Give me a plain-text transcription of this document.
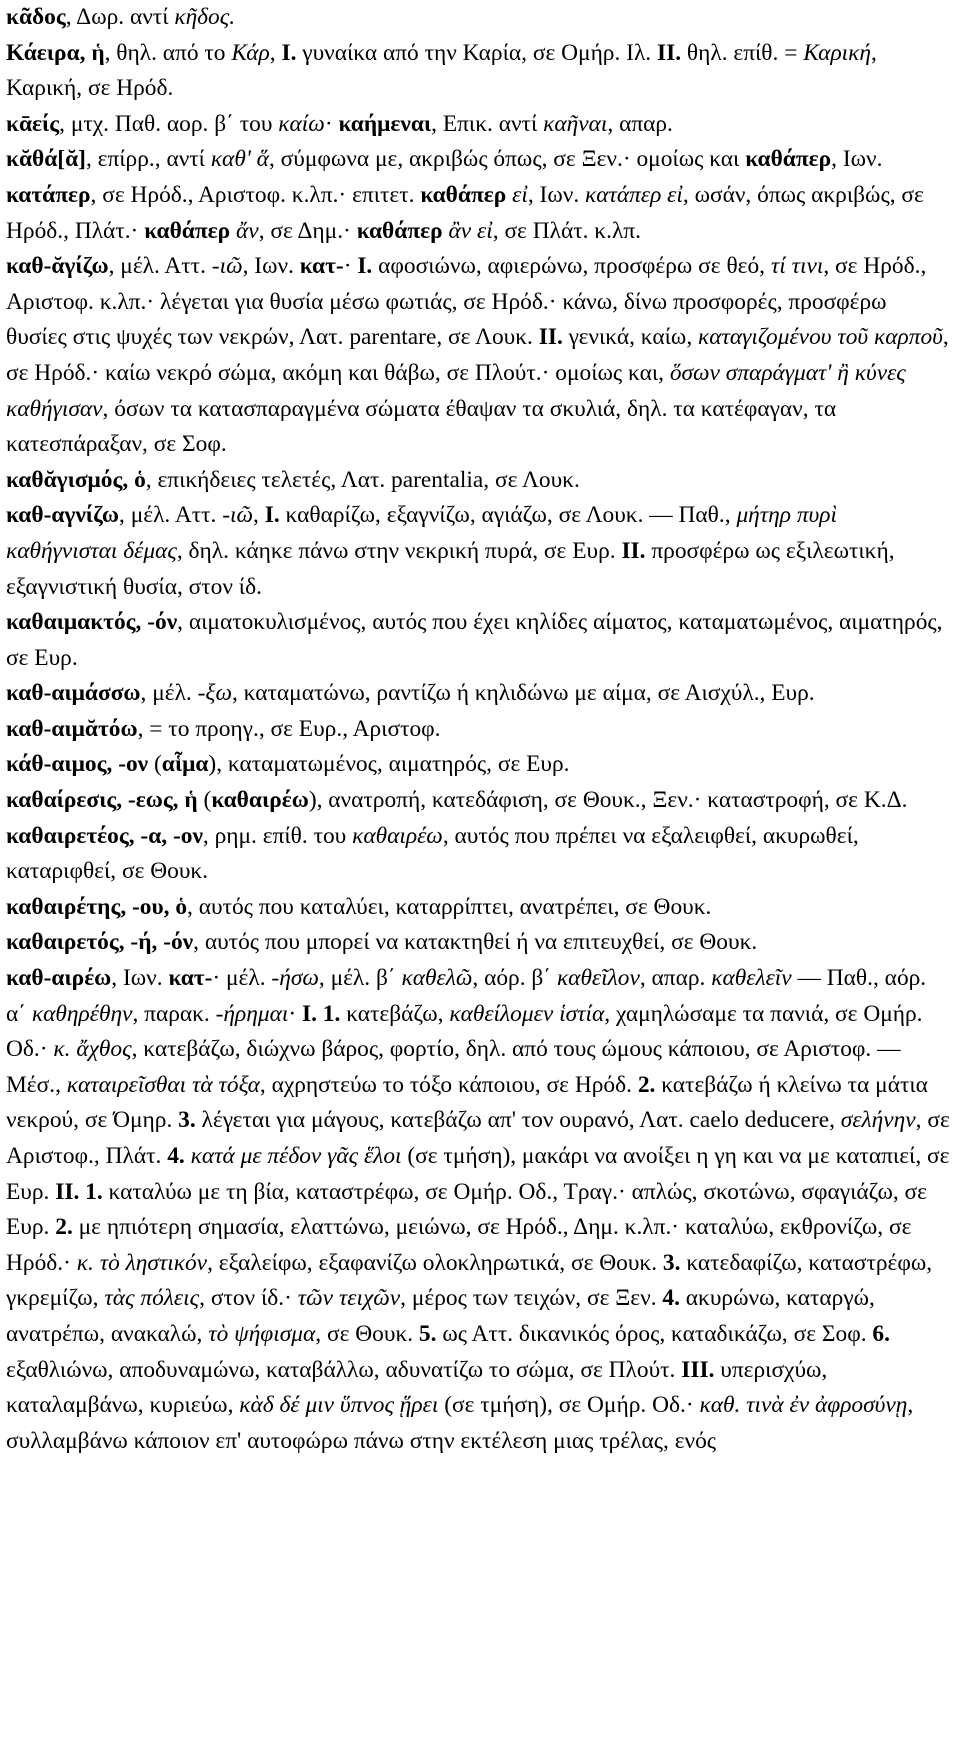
κᾶδος, Δωρ. αντί κῆδος.

Κάειρα, ἡ, θηλ. από το Κάρ, I. γυναίκα από την Καρία, σε Ομήρ. Ιλ. II. θηλ. επίθ. = Καρική, Καρική, σε Ηρόδ.

κᾱείς, μτχ. Παθ. αορ. β΄ του καίω· καήμεναι, Επικ. αντί καῆναι, απαρ.

κᾰθά[ᾰ], επίρρ., αντί καθ' ἅ, σύμφωνα με, ακριβώς όπως, σε Ξεν.· ομοίως και καθάπερ, Ιων. κατάπερ, σε Ηρόδ., Αριστοφ. κ.λπ.· επιτετ. καθάπερ εἰ, Ιων. κατάπερ εἰ, ωσάν, όπως ακριβώς, σε Ηρόδ., Πλάτ.· καθάπερ ἄν, σε Δημ.· καθάπερ ἂν εἰ, σε Πλάτ. κ.λπ.

καθ-ᾰγίζω, μέλ. Αττ. -ιῶ, Ιων. κατ-· I. αφοσιώνω, αφιερώνω, προσφέρω σε θεό, τί τινι, σε Ηρόδ., Αριστοφ. κ.λπ.· λέγεται για θυσία μέσω φωτιάς, σε Ηρόδ.· κάνω, δίνω προσφορές, προσφέρω θυσίες στις ψυχές των νεκρών, Λατ. parentare, σε Λουκ. II. γενικά, καίω, καταγιζομένου τοῦ καρποῦ, σε Ηρόδ.· καίω νεκρό σώμα, ακόμη και θάβω, σε Πλούτ.· ομοίως και, ὅσων σπαράγματ' ἢ κύνες καθήγισαν, όσων τα κατασπαραγμένα σώματα έθαψαν τα σκυλιά, δηλ. τα κατέφαγαν, τα κατεσπάραξαν, σε Σοφ.

καθᾰγισμός, ὁ, επικήδειες τελετές, Λατ. parentalia, σε Λουκ.

καθ-αγνίζω, μέλ. Αττ. -ιῶ, I. καθαρίζω, εξαγνίζω, αγιάζω, σε Λουκ. — Παθ., μήτηρ πυρὶ καθήγνισται δέμας, δηλ. κάηκε πάνω στην νεκρική πυρά, σε Ευρ. II. προσφέρω ως εξιλεωτική, εξαγνιστική θυσία, στον ίδ.

καθαιμακτός, -όν, αιματοκυλισμένος, αυτός που έχει κηλίδες αίματος, καταματωμένος, αιματηρός, σε Ευρ.

καθ-αιμάσσω, μέλ. -ξω, καταματώνω, ραντίζω ή κηλιδώνω με αίμα, σε Αισχύλ., Ευρ.

καθ-αιμᾰτόω, = το προηγ., σε Ευρ., Αριστοφ.

κάθ-αιμος, -ον (αἷμα), καταματωμένος, αιματηρός, σε Ευρ.

καθαίρεσις, -εως, ἡ (καθαιρέω), ανατροπή, κατεδάφιση, σε Θουκ., Ξεν.· καταστροφή, σε Κ.Δ.

καθαιρετέος, -α, -ον, ρημ. επίθ. του καθαιρέω, αυτός που πρέπει να εξαλειφθεί, ακυρωθεί, καταριφθεί, σε Θουκ.

καθαιρέτης, -ου, ὁ, αυτός που καταλύει, καταρρίπτει, ανατρέπει, σε Θουκ.

καθαιρετός, -ή, -όν, αυτός που μπορεί να κατακτηθεί ή να επιτευχθεί, σε Θουκ.

καθ-αιρέω, Ιων. κατ-· μέλ. -ήσω, μέλ. β΄ καθελῶ, αόρ. β΄ καθεῖλον, απαρ. καθελεῖν — Παθ., αόρ. α΄ καθηρέθην, παρακ. -ήρημαι· I. 1. κατεβάζω, καθείλομεν ἱστία, χαμηλώσαμε τα πανιά, σε Ομήρ. Οδ.· κ. ἄχθος, κατεβάζω, διώχνω βάρος, φορτίο, δηλ. από τους ώμους κάποιου, σε Αριστοφ. — Μέσ., καταιρεῖσθαι τὰ τόξα, αχρηστεύω το τόξο κάποιου, σε Ηρόδ. 2. κατεβάζω ή κλείνω τα μάτια νεκρού, σε Όμηρ. 3. λέγεται για μάγους, κατεβάζω απ' τον ουρανό, Λατ. caelo deducere, σελήνην, σε Αριστοφ., Πλάτ. 4. κατά με πέδον γᾶς ἕλοι (σε τμήση), μακάρι να ανοίξει η γη και να με καταπιεί, σε Ευρ. II. 1. καταλύω με τη βία, καταστρέφω, σε Ομήρ. Οδ., Τραγ.· απλώς, σκοτώνω, σφαγιάζω, σε Ευρ. 2. με ηπιότερη σημασία, ελαττώνω, μειώνω, σε Ηρόδ., Δημ. κ.λπ.· καταλύω, εκθρονίζω, σε Ηρόδ.· κ. τὸ ληστικόν, εξαλείφω, εξαφανίζω ολοκληρωτικά, σε Θουκ. 3. κατεδαφίζω, καταστρέφω, γκρεμίζω, τὰς πόλεις, στον ίδ.· τῶν τειχῶν, μέρος των τειχών, σε Ξεν. 4. ακυρώνω, καταργώ, ανατρέπω, ανακαλώ, τὸ ψήφισμα, σε Θουκ. 5. ως Αττ. δικανικός όρος, καταδικάζω, σε Σοφ. 6. εξαθλιώνω, αποδυναμώνω, καταβάλλω, αδυνατίζω το σώμα, σε Πλούτ. III. υπερισχύω, καταλαμβάνω, κυριεύω, κὰδ δέ μιν ὕπνος ᾕρει (σε τμήση), σε Ομήρ. Οδ.· καθ. τινὰ ἐν ἀφροσύνῃ, συλλαμβάνω κάποιον επ' αυτοφώρω πάνω στην εκτέλεση μιας τρέλας, ενός
